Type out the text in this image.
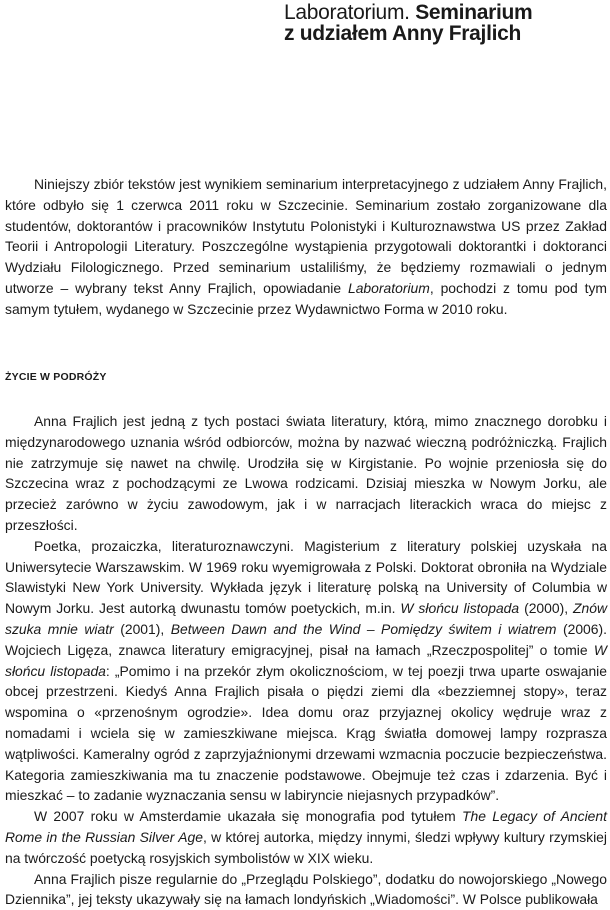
Laboratorium. Seminarium
z udziałem Anny Frajlich

Niniejszy zbiór tekstów jest wynikiem seminarium interpretacyjnego z udziałem Anny Frajlich, które odbyło się 1 czerwca 2011 roku w Szczecinie. Seminarium zostało zorganizowane dla studentów, doktorantów i pracowników Instytutu Polonistyki i Kulturoznawstwa US przez Zakład Teorii i Antropologii Literatury. Poszczególne wystąpienia przygotowali doktorantki i doktoranci Wydziału Filologicznego. Przed seminarium ustaliliśmy, że będziemy rozmawiali o jednym utworze – wybrany tekst Anny Frajlich, opowiadanie Laboratorium, pochodzi z tomu pod tym samym tytułem, wydanego w Szczecinie przez Wydawnictwo Forma w 2010 roku.

ŻYCIE W PODRÓŻY

Anna Frajlich jest jedną z tych postaci świata literatury, którą, mimo znacznego dorobku i międzynarodowego uznania wśród odbiorców, można by nazwać wieczną podróżniczką. Frajlich nie zatrzymuje się nawet na chwilę. Urodziła się w Kirgistanie. Po wojnie przeniosła się do Szczecina wraz z pochodzącymi ze Lwowa rodzicami. Dzisiaj mieszka w Nowym Jorku, ale przecież zarówno w życiu zawodowym, jak i w narracjach literackich wraca do miejsc z przeszłości.

Poetka, prozaiczka, literaturoznawczyni. Magisterium z literatury polskiej uzyskała na Uniwersytecie Warszawskim. W 1969 roku wyemigrowała z Polski. Doktorat obroniła na Wydziale Slawistyki New York University. Wykłada język i literaturę polską na University of Columbia w Nowym Jorku. Jest autorką dwunastu tomów poetyckich, m.in. W słońcu listopada (2000), Znów szuka mnie wiatr (2001), Between Dawn and the Wind – Pomiędzy świtem i wiatrem (2006). Wojciech Ligęza, znawca literatury emigracyjnej, pisał na łamach „Rzeczpospolitej” o tomie W słońcu listopada: „Pomimo i na przekór złym okolicznościom, w tej poezji trwa uparte oswajanie obcej przestrzeni. Kiedyś Anna Frajlich pisała o piędzi ziemi dla «bezziemnej stopy», teraz wspomina o «przenośnym ogrodzie». Idea domu oraz przyjaznej okolicy wędruje wraz z nomadami i wciela się w zamieszkiwane miejsca. Krąg światła domowej lampy rozprasza wątpliwości. Kameralny ogród z zaprzyjaźnionymi drzewami wzmacnia poczucie bezpieczeństwa. Kategoria zamieszkiwania ma tu znaczenie podstawowe. Obejmuje też czas i zdarzenia. Być i mieszkać – to zadanie wyznaczania sensu w labiryncie niejasnych przypadków”.

W 2007 roku w Amsterdamie ukazała się monografia pod tytułem The Legacy of Ancient Rome in the Russian Silver Age, w której autorka, między innymi, śledzi wpływy kultury rzymskiej na twórczość poetycką rosyjskich symbolistów w XIX wieku.

Anna Frajlich pisze regularnie do „Przeglądu Polskiego”, dodatku do nowojorskiego „Nowego Dziennika”, jej teksty ukazywały się na łamach londyńskich „Wiadomości”. W Polsce publikowała
